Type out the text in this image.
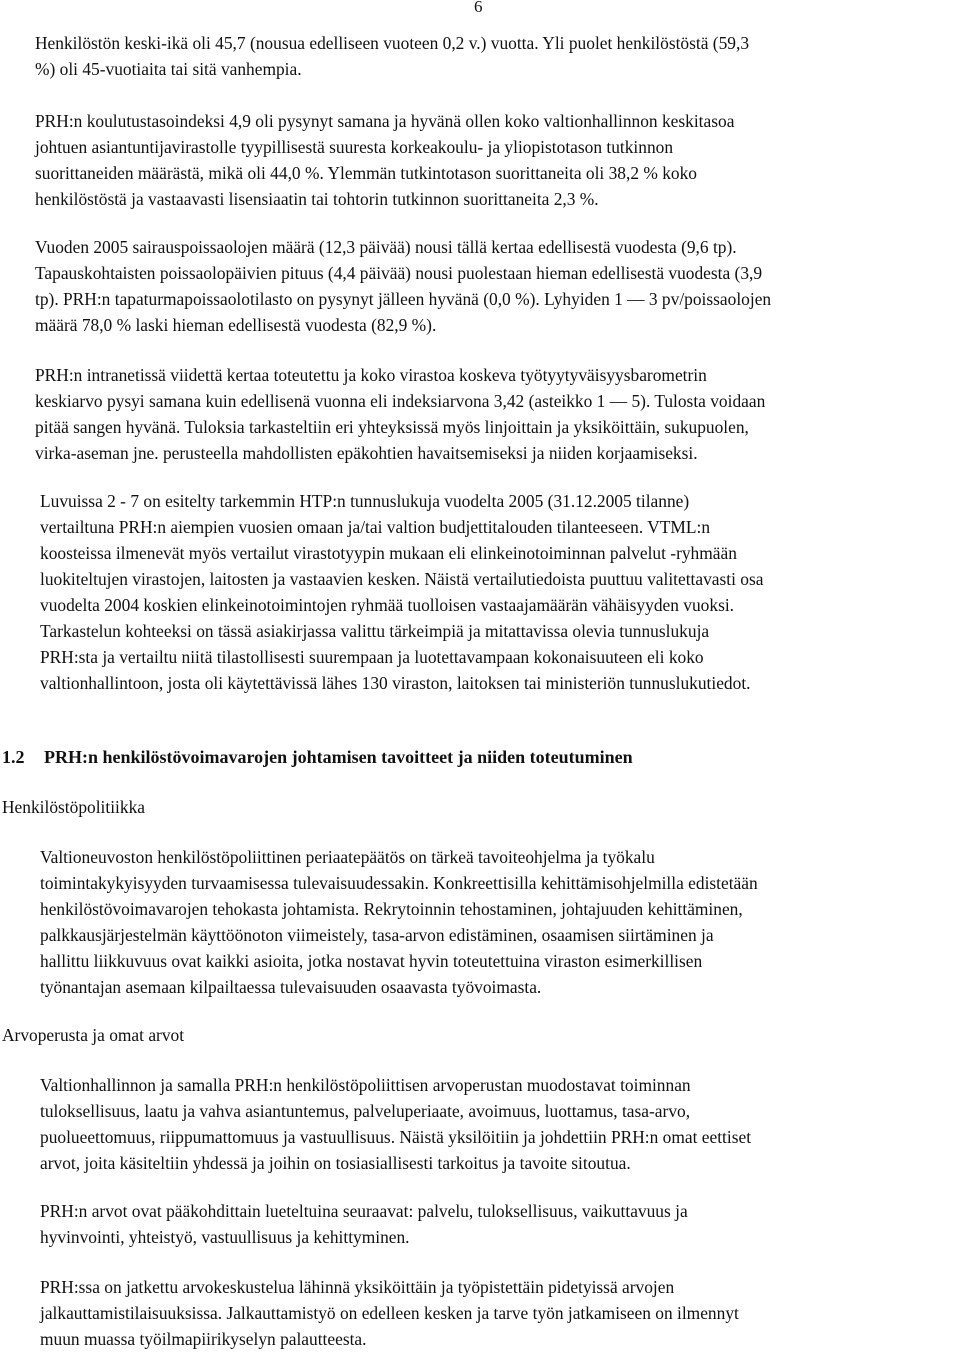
6
Henkilöstön keski-ikä oli 45,7 (nousua edelliseen vuoteen 0,2 v.) vuotta. Yli puolet henkilöstöstä (59,3
%) oli 45-vuotiaita tai sitä vanhempia.
PRH:n koulutustasoindeksi 4,9 oli pysynyt samana ja hyvänä ollen koko valtionhallinnon keskitasoa
johtuen asiantuntijavirastolle tyypillisestä suuresta korkeakoulu- ja yliopistotason tutkinnon
suorittaneiden määrästä, mikä oli 44,0 %. Ylemmän tutkintotason suorittaneita oli 38,2 % koko
henkilöstöstä ja vastaavasti lisensiaatin tai tohtorin tutkinnon suorittaneita 2,3 %.
Vuoden 2005 sairauspoissaolojen määrä (12,3 päivää) nousi tällä kertaa edellisestä vuodesta (9,6 tp).
Tapauskohtaisten poissaolopäivien pituus (4,4 päivää) nousi puolestaan hieman edellisestä vuodesta (3,9
tp). PRH:n tapaturmapoissaolotilasto on pysynyt jälleen hyvänä (0,0 %). Lyhyiden 1 — 3 pv/poissaolojen
määrä 78,0 % laski hieman edellisestä vuodesta (82,9 %).
PRH:n intranetissä viidettä kertaa toteutettu ja koko virastoa koskeva työtyytyväisyysbarometrin
keskiarvo pysyi samana kuin edellisenä vuonna eli indeksiarvona 3,42 (asteikko 1 — 5). Tulosta voidaan
pitää sangen hyvänä. Tuloksia tarkasteltiin eri yhteyksissä myös linjoittain ja yksiköittäin, sukupuolen,
virka-aseman jne. perusteella mahdollisten epäkohtien havaitsemiseksi ja niiden korjaamiseksi.
Luvuissa 2 - 7 on esitelty tarkemmin HTP:n tunnuslukuja vuodelta 2005 (31.12.2005 tilanne)
vertailtuna PRH:n aiempien vuosien omaan ja/tai valtion budjettitalouden tilanteeseen. VTML:n
koosteissa ilmenevät myös vertailut virastotyypin mukaan eli elinkeinotoiminnan palvelut -ryhmään
luokiteltujen virastojen, laitosten ja vastaavien kesken. Näistä vertailutiedoista puuttuu valitettavasti osa
vuodelta 2004 koskien elinkeinotoimintojen ryhmää tuolloisen vastaajamäärän vähäisyyden vuoksi.
Tarkastelun kohteeksi on tässä asiakirjassa valittu tärkeimpiä ja mitattavissa olevia tunnuslukuja
PRH:sta ja vertailtu niitä tilastollisesti suurempaan ja luotettavampaan kokonaisuuteen eli koko
valtionhallintoon, josta oli käytettävissä lähes 130 viraston, laitoksen tai ministeriön tunnuslukutiedot.
1.2 PRH:n henkilöstövoimavarojen johtamisen tavoitteet ja niiden toteutuminen
Henkilöstöpolitiikka
Valtioneuvoston henkilöstöpoliittinen periaatepäätös on tärkeä tavoiteohjelma ja työkalu
toimintakykyisyyden turvaamisessa tulevaisuudessakin. Konkreettisilla kehittämisohjelmilla edistetään
henkilöstövoimavarojen tehokasta johtamista. Rekrytoinnin tehostaminen, johtajuuden kehittäminen,
palkkausjärjestelmän käyttöönoton viimeistely, tasa-arvon edistäminen, osaamisen siirtäminen ja
hallittu liikkuvuus ovat kaikki asioita, jotka nostavat hyvin toteutettuina viraston esimerkillisen
työnantajan asemaan kilpailtaessa tulevaisuuden osaavasta työvoimasta.
Arvoperusta ja omat arvot
Valtionhallinnon ja samalla PRH:n henkilöstöpoliittisen arvoperustan muodostavat toiminnan
tuloksellisuus, laatu ja vahva asiantuntemus, palveluperiaate, avoimuus, luottamus, tasa-arvo,
puolueettomuus, riippumattomuus ja vastuullisuus. Näistä yksilöitiin ja johdettiin PRH:n omat eettiset
arvot, joita käsiteltiin yhdessä ja joihin on tosiasiallisesti tarkoitus ja tavoite sitoutua.
PRH:n arvot ovat pääkohdittain lueteltuina seuraavat: palvelu, tuloksellisuus, vaikuttavuus ja
hyvinvointi, yhteistyö, vastuullisuus ja kehittyminen.
PRH:ssa on jatkettu arvokeskustelua lähinnä yksiköittäin ja työpistettäin pidetyissä arvojen
jalkauttamistilaisuuksissa. Jalkauttamistyö on edelleen kesken ja tarve työn jatkamiseen on ilmennyt
muun muassa työilmapiirikyselyn palautteesta.
